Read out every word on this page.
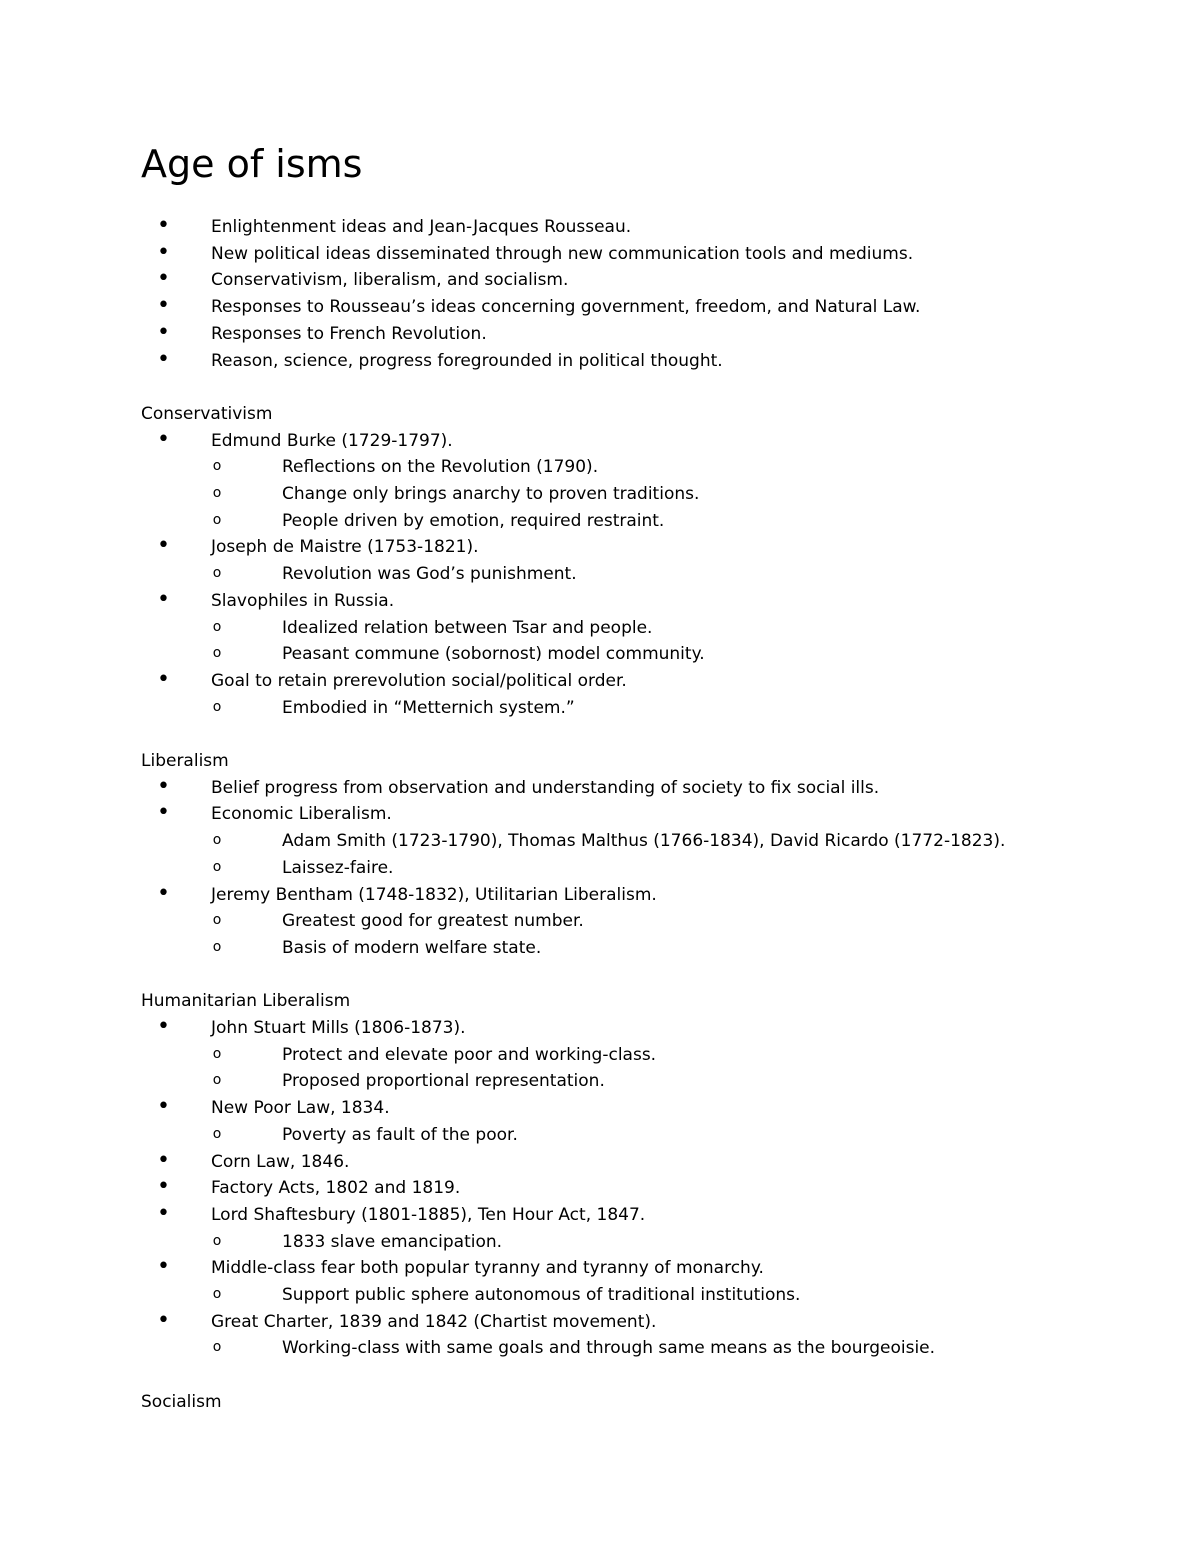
Age of isms
• Enlightenment ideas and Jean-Jacques Rousseau.
• New political ideas disseminated through new communication tools and mediums.
• Conservativism, liberalism, and socialism.
• Responses to Rousseau’s ideas concerning government, freedom, and Natural Law.
• Responses to French Revolution.
• Reason, science, progress foregrounded in political thought.
Conservativism
• Edmund Burke (1729-1797).
o	Reflections on the Revolution (1790).
o	Change only brings anarchy to proven traditions.
o	People driven by emotion, required restraint.
• Joseph de Maistre (1753-1821).
o	Revolution was God’s punishment.
• Slavophiles in Russia.
o	Idealized relation between Tsar and people.
o	Peasant commune (sobornost) model community.
• Goal to retain prerevolution social/political order.
o	Embodied in “Metternich system.”
Liberalism
• Belief progress from observation and understanding of society to fix social ills.
• Economic Liberalism.
o	Adam Smith (1723-1790), Thomas Malthus (1766-1834), David Ricardo (1772-1823).
o	Laissez-faire.
• Jeremy Bentham (1748-1832), Utilitarian Liberalism.
o	Greatest good for greatest number.
o	Basis of modern welfare state.
Humanitarian Liberalism
• John Stuart Mills (1806-1873).
o	Protect and elevate poor and working-class.
o	Proposed proportional representation.
• New Poor Law, 1834.
o	Poverty as fault of the poor.
• Corn Law, 1846.
• Factory Acts, 1802 and 1819.
• Lord Shaftesbury (1801-1885), Ten Hour Act, 1847.
o	1833 slave emancipation.
• Middle-class fear both popular tyranny and tyranny of monarchy.
o	Support public sphere autonomous of traditional institutions.
• Great Charter, 1839 and 1842 (Chartist movement).
o	Working-class with same goals and through same means as the bourgeoisie.
Socialism
